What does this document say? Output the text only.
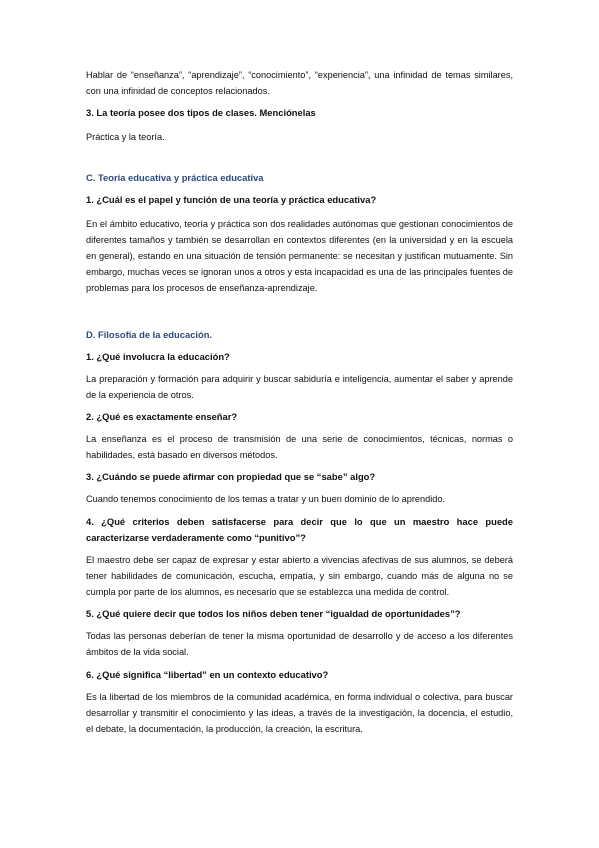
Hablar de “enseñanza”, “aprendizaje”, “conocimiento”, “experiencia”, una infinidad de temas similares, con una infinidad de conceptos relacionados.

3. La teoría posee dos tipos de clases. Menciónelas

Práctica y la teoría.

C. Teoría educativa y práctica educativa

1. ¿Cuál es el papel y función de una teoría y práctica educativa?

En el ámbito educativo, teoría y práctica son dos realidades autónomas que gestionan conocimientos de diferentes tamaños y también se desarrollan en contextos diferentes (en la universidad y en la escuela en general), estando en una situación de tensión permanente: se necesitan y justifican mutuamente. Sin embargo, muchas veces se ignoran unos a otros y esta incapacidad es una de las principales fuentes de problemas para los procesos de enseñanza-aprendizaje.

D. Filosofía de la educación.

1. ¿Qué involucra la educación?

La preparación y formación para adquirir y buscar sabiduría e inteligencia, aumentar el saber y aprende de la experiencia de otros.

2. ¿Qué es exactamente enseñar?

La enseñanza es el proceso de transmisión de una serie de conocimientos, técnicas, normas o habilidades, está basado en diversos métodos.

3. ¿Cuándo se puede afirmar con propiedad que se “sabe” algo?

Cuando tenemos conocimiento de los temas a tratar y un buen dominio de lo aprendido.

4. ¿Qué criterios deben satisfacerse para decir que lo que un maestro hace puede caracterizarse verdaderamente como “punitivo”?

El maestro debe ser capaz de expresar y estar abierto a vivencias afectivas de sus alumnos, se deberá tener habilidades de comunicación, escucha, empatía, y sin embargo, cuando más de alguna no se cumpla por parte de los alumnos, es necesario que se establezca una medida de control.

5. ¿Qué quiere decir que todos los niños deben tener “igualdad de oportunidades”?

Todas las personas deberían de tener la misma oportunidad de desarrollo y de acceso a los diferentes ámbitos de la vida social.

6. ¿Qué significa “libertad” en un contexto educativo?

Es la libertad de los miembros de la comunidad académica, en forma individual o colectiva, para buscar desarrollar y transmitir el conocimiento y las ideas, a través de la investigación, la docencia, el estudio, el debate, la documentación, la producción, la creación, la escritura.
